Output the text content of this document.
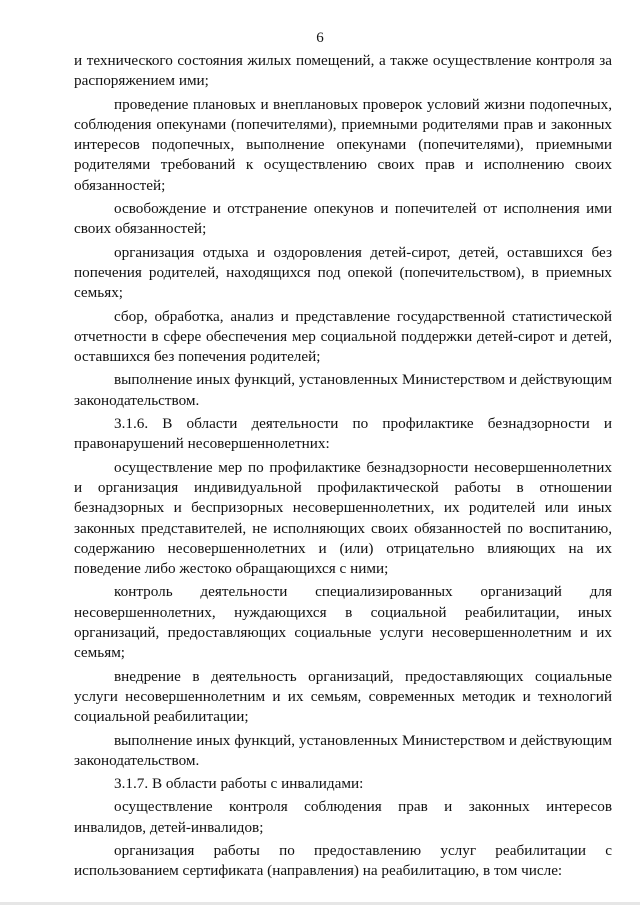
6

и технического состояния жилых помещений, а также осуществление контроля за распоряжением ими;

проведение плановых и внеплановых проверок условий жизни подопечных, соблюдения опекунами (попечителями), приемными родителями прав и законных интересов подопечных, выполнение опекунами (попечителями), приемными родителями требований к осуществлению своих прав и исполнению своих обязанностей;

освобождение и отстранение опекунов и попечителей от исполнения ими своих обязанностей;

организация отдыха и оздоровления детей-сирот, детей, оставшихся без попечения родителей, находящихся под опекой (попечительством), в приемных семьях;

сбор, обработка, анализ и представление государственной статистической отчетности в сфере обеспечения мер социальной поддержки детей-сирот и детей, оставшихся без попечения родителей;

выполнение иных функций, установленных Министерством и действующим законодательством.

3.1.6. В области деятельности по профилактике безнадзорности и правонарушений несовершеннолетних:

осуществление мер по профилактике безнадзорности несовершеннолетних и организация индивидуальной профилактической работы в отношении безнадзорных и беспризорных несовершеннолетних, их родителей или иных законных представителей, не исполняющих своих обязанностей по воспитанию, содержанию несовершеннолетних и (или) отрицательно влияющих на их поведение либо жестоко обращающихся с ними;

контроль деятельности специализированных организаций для несовершеннолетних, нуждающихся в социальной реабилитации, иных организаций, предоставляющих социальные услуги несовершеннолетним и их семьям;

внедрение в деятельность организаций, предоставляющих социальные услуги несовершеннолетним и их семьям, современных методик и технологий социальной реабилитации;

выполнение иных функций, установленных Министерством и действующим законодательством.

3.1.7. В области работы с инвалидами:

осуществление контроля соблюдения прав и законных интересов инвалидов, детей-инвалидов;

организация работы по предоставлению услуг реабилитации с использованием сертификата (направления) на реабилитацию, в том числе:
